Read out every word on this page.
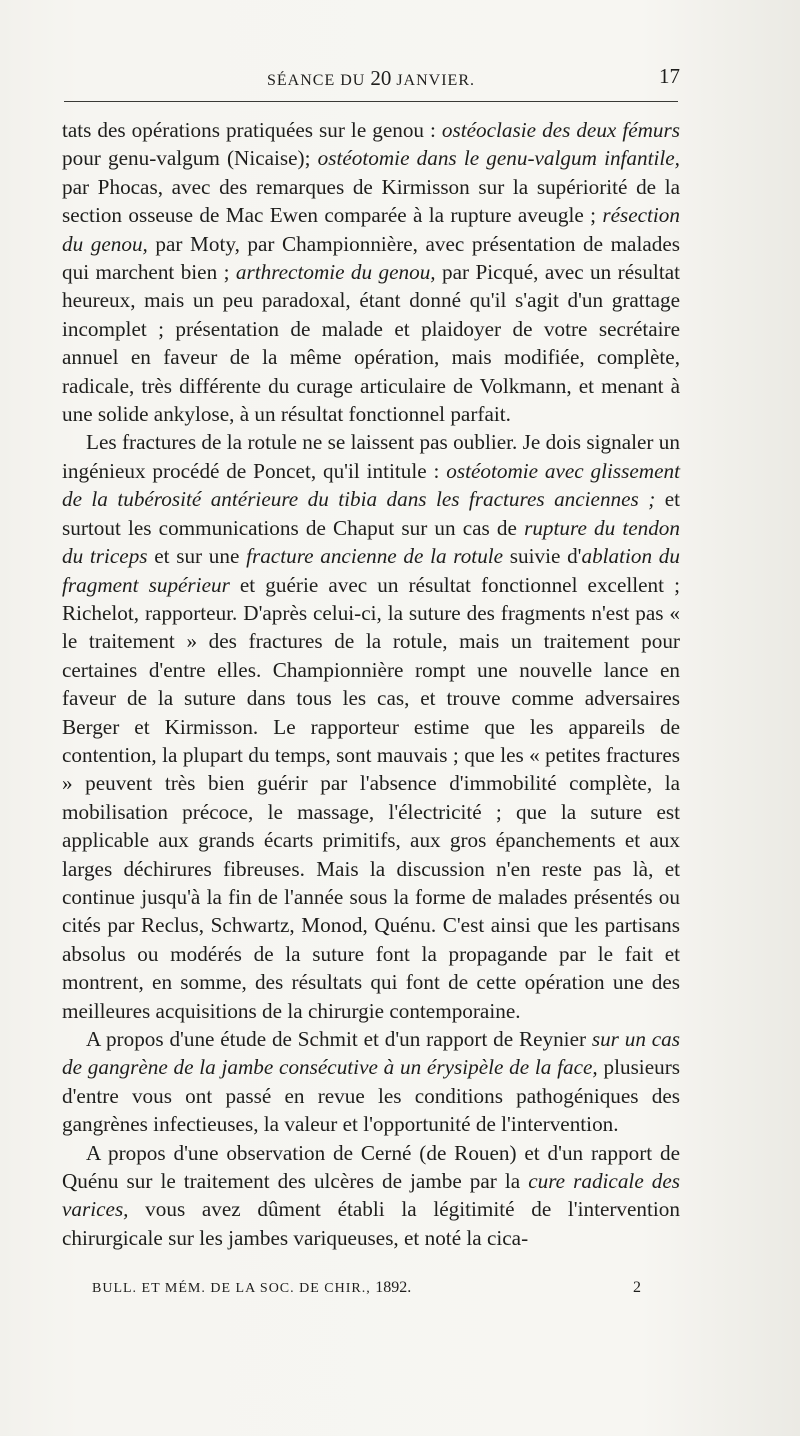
SÉANCE DU 20 JANVIER.	17

tats des opérations pratiquées sur le genou : ostéoclasie des deux fémurs pour genu-valgum (Nicaise); ostéotomie dans le genu-valgum infantile, par Phocas, avec des remarques de Kirmisson sur la supériorité de la section osseuse de Mac Ewen comparée à la rupture aveugle ; résection du genou, par Moty, par Championnière, avec présentation de malades qui marchent bien ; arthrectomie du genou, par Picqué, avec un résultat heureux, mais un peu paradoxal, étant donné qu'il s'agit d'un grattage incomplet ; présentation de malade et plaidoyer de votre secrétaire annuel en faveur de la même opération, mais modifiée, complète, radicale, très différente du curage articulaire de Volkmann, et menant à une solide ankylose, à un résultat fonctionnel parfait.

Les fractures de la rotule ne se laissent pas oublier. Je dois signaler un ingénieux procédé de Poncet, qu'il intitule : ostéotomie avec glissement de la tubérosité antérieure du tibia dans les fractures anciennes ; et surtout les communications de Chaput sur un cas de rupture du tendon du triceps et sur une fracture ancienne de la rotule suivie d'ablation du fragment supérieur et guérie avec un résultat fonctionnel excellent ; Richelot, rapporteur. D'après celui-ci, la suture des fragments n'est pas « le traitement » des fractures de la rotule, mais un traitement pour certaines d'entre elles. Championnière rompt une nouvelle lance en faveur de la suture dans tous les cas, et trouve comme adversaires Berger et Kirmisson. Le rapporteur estime que les appareils de contention, la plupart du temps, sont mauvais ; que les « petites fractures » peuvent très bien guérir par l'absence d'immobilité complète, la mobilisation précoce, le massage, l'électricité ; que la suture est applicable aux grands écarts primitifs, aux gros épanchements et aux larges déchirures fibreuses. Mais la discussion n'en reste pas là, et continue jusqu'à la fin de l'année sous la forme de malades présentés ou cités par Reclus, Schwartz, Monod, Quénu. C'est ainsi que les partisans absolus ou modérés de la suture font la propagande par le fait et montrent, en somme, des résultats qui font de cette opération une des meilleures acquisitions de la chirurgie contemporaine.

A propos d'une étude de Schmit et d'un rapport de Reynier sur un cas de gangrène de la jambe consécutive à un érysipèle de la face, plusieurs d'entre vous ont passé en revue les conditions pathogéniques des gangrènes infectieuses, la valeur et l'opportunité de l'intervention.

A propos d'une observation de Cerné (de Rouen) et d'un rapport de Quénu sur le traitement des ulcères de jambe par la cure radicale des varices, vous avez dûment établi la légitimité de l'intervention chirurgicale sur les jambes variqueuses, et noté la cica-

BULL. ET MÉM. DE LA SOC. DE CHIR., 1892.	2
